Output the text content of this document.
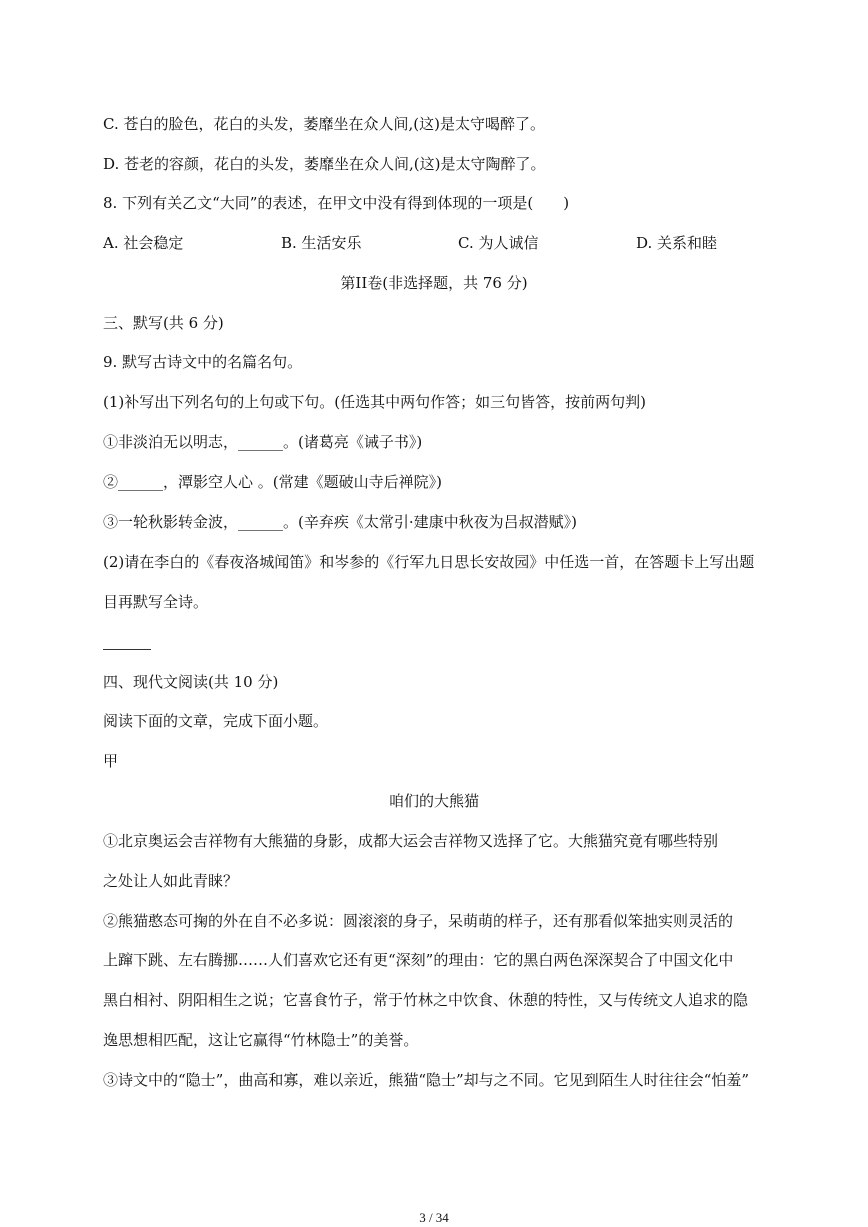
C. 苍白的脸色，花白的头发，萎靡坐在众人间,(这)是太守喝醉了。
D. 苍老的容颜，花白的头发，萎靡坐在众人间,(这)是太守陶醉了。
8. 下列有关乙文“大同”的表述，在甲文中没有得到体现的一项是(　　)
A. 社会稳定	B. 生活安乐	C. 为人诚信	D. 关系和睦
第II卷(非选择题，共 76 分)
三、默写(共 6 分)
9. 默写古诗文中的名篇名句。
(1)补写出下列名句的上句或下句。(任选其中两句作答；如三句皆答，按前两句判)
①非淡泊无以明志，______。(诸葛亮《诫子书》)
②______，潭影空人心 。(常建《题破山寺后禅院》)
③一轮秋影转金波，______。(辛弃疾《太常引·建康中秋夜为吕叔潜赋》)
(2)请在李白的《春夜洛城闻笛》和岑参的《行军九日思长安故园》中任选一首，在答题卡上写出题
目再默写全诗。
四、现代文阅读(共 10 分)
阅读下面的文章，完成下面小题。
甲
咱们的大熊猫
①北京奥运会吉祥物有大熊猫的身影，成都大运会吉祥物又选择了它。大熊猫究竟有哪些特别
之处让人如此青睐？
②熊猫憨态可掬的外在自不必多说：圆滚滚的身子，呆萌萌的样子，还有那看似笨拙实则灵活的
上蹿下跳、左右腾挪……人们喜欢它还有更“深刻”的理由：它的黑白两色深深契合了中国文化中
黑白相衬、阴阳相生之说；它喜食竹子，常于竹林之中饮食、休憩的特性，又与传统文人追求的隐
逸思想相匹配，这让它赢得“竹林隐士”的美誉。
③诗文中的“隐士”，曲高和寡，难以亲近，熊猫“隐士”却与之不同。它见到陌生人时往往会“怕羞”
3 / 34
